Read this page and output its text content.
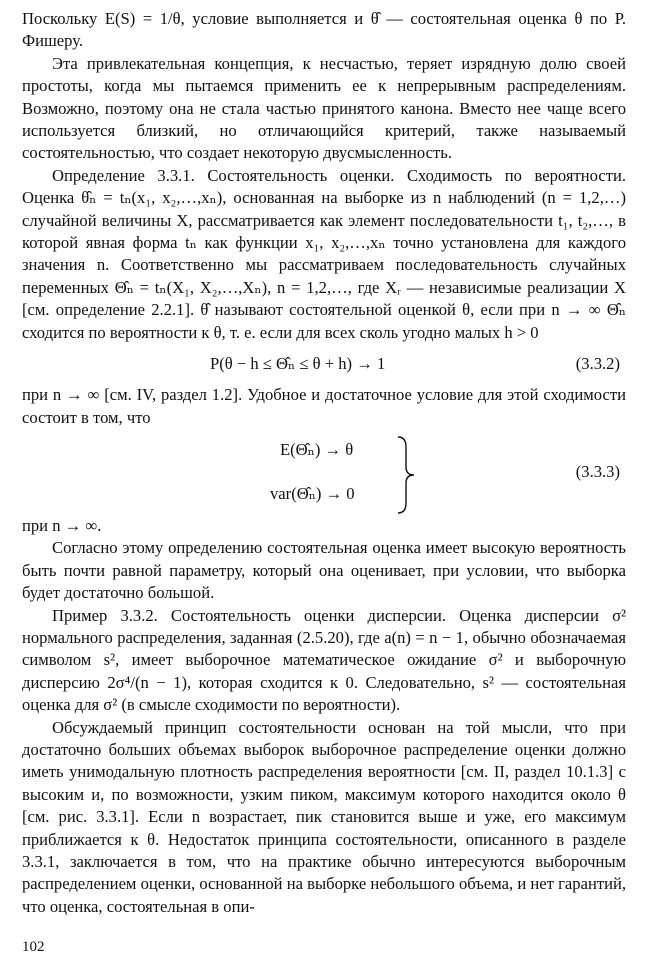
Поскольку E(S) = 1/θ, условие выполняется и θ̂ — состоятельная оценка θ по Р. Фишеру.

Эта привлекательная концепция, к несчастью, теряет изрядную долю своей простоты, когда мы пытаемся применить ее к непрерывным распределениям. Возможно, поэтому она не стала частью принятого канона. Вместо нее чаще всего используется близкий, но отличающийся критерий, также называемый состоятельностью, что создает некоторую двусмысленность.

Определение 3.3.1. Состоятельность оценки. Сходимость по вероятности. Оценка θ̂ₙ = tₙ(x₁, x₂,…,xₙ), основанная на выборке из n наблюдений (n = 1,2,…) случайной величины X, рассматривается как элемент последовательности t₁, t₂,…, в которой явная форма tₙ как функции x₁, x₂,…,xₙ точно установлена для каждого значения n. Соответственно мы рассматриваем последовательность случайных переменных Θ̂ₙ = tₙ(X₁, X₂,…,Xₙ), n = 1,2,…, где Xᵣ — независимые реализации X [см. определение 2.2.1]. θ̂ называют состоятельной оценкой θ, если при n → ∞ Θ̂ₙ сходится по вероятности к θ, т. е. если для всех сколь угодно малых h > 0

P(θ − h ≤ Θ̂ₙ ≤ θ + h) → 1	(3.3.2)

при n → ∞ [см. IV, раздел 1.2]. Удобное и достаточное условие для этой сходимости состоит в том, что

E(Θ̂ₙ) → θ
var(Θ̂ₙ) → 0
}
(3.3.3)

при n → ∞.

Согласно этому определению состоятельная оценка имеет высокую вероятность быть почти равной параметру, который она оценивает, при условии, что выборка будет достаточно большой.

Пример 3.3.2. Состоятельность оценки дисперсии. Оценка дисперсии σ² нормального распределения, заданная (2.5.20), где a(n) = n − 1, обычно обозначаемая символом s², имеет выборочное математическое ожидание σ² и выборочную дисперсию 2σ⁴/(n − 1), которая сходится к 0. Следовательно, s² — состоятельная оценка для σ² (в смысле сходимости по вероятности).

Обсуждаемый принцип состоятельности основан на той мысли, что при достаточно больших объемах выборок выборочное распределение оценки должно иметь унимодальную плотность распределения вероятности [см. II, раздел 10.1.3] с высоким и, по возможности, узким пиком, максимум которого находится около θ [см. рис. 3.3.1]. Если n возрастает, пик становится выше и уже, его максимум приближается к θ. Недостаток принципа состоятельности, описанного в разделе 3.3.1, заключается в том, что на практике обычно интересуются выборочным распределением оценки, основанной на выборке небольшого объема, и нет гарантий, что оценка, состоятельная в опи-

102
